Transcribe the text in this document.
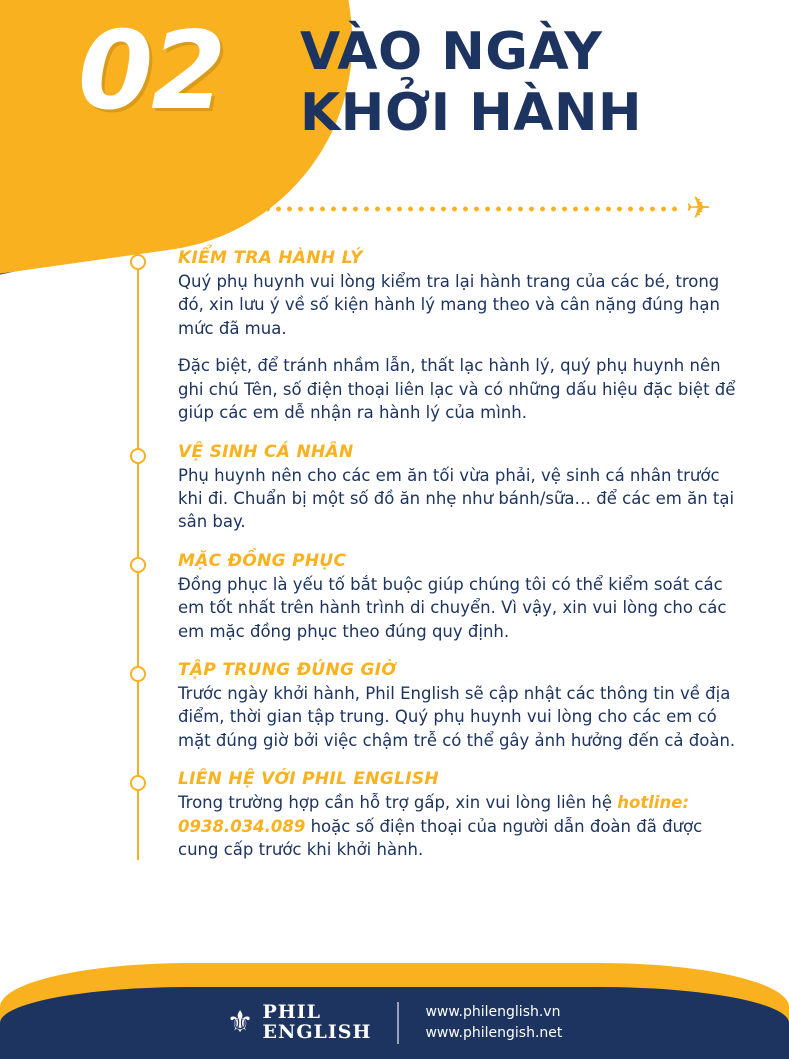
02 VÀO NGÀY
KHỞI HÀNH
✈
KIỂM TRA HÀNH LÝ
Quý phụ huynh vui lòng kiểm tra lại hành trang của các bé, trong đó, xin lưu ý về số kiện hành lý mang theo và cân nặng đúng hạn mức đã mua.
Đặc biệt, để tránh nhầm lẫn, thất lạc hành lý, quý phụ huynh nên ghi chú Tên, số điện thoại liên lạc và có những dấu hiệu đặc biệt để giúp các em dễ nhận ra hành lý của mình.
VỆ SINH CÁ NHÂN
Phụ huynh nên cho các em ăn tối vừa phải, vệ sinh cá nhân trước khi đi. Chuẩn bị một số đồ ăn nhẹ như bánh/sữa… để các em ăn tại sân bay.
MẶC ĐỒNG PHỤC
Đồng phục là yếu tố bắt buộc giúp chúng tôi có thể kiểm soát các em tốt nhất trên hành trình di chuyển. Vì vậy, xin vui lòng cho các em mặc đồng phục theo đúng quy định.
TẬP TRUNG ĐÚNG GIỜ
Trước ngày khởi hành, Phil English sẽ cập nhật các thông tin về địa điểm, thời gian tập trung. Quý phụ huynh vui lòng cho các em có mặt đúng giờ bởi việc chậm trễ có thể gây ảnh hưởng đến cả đoàn.
LIÊN HỆ VỚI PHIL ENGLISH
Trong trường hợp cần hỗ trợ gấp, xin vui lòng liên hệ hotline: 0938.034.089 hoặc số điện thoại của người dẫn đoàn đã được cung cấp trước khi khởi hành.
⚜ PHIL
ENGLISH
www.philenglish.vn
www.philengish.net
